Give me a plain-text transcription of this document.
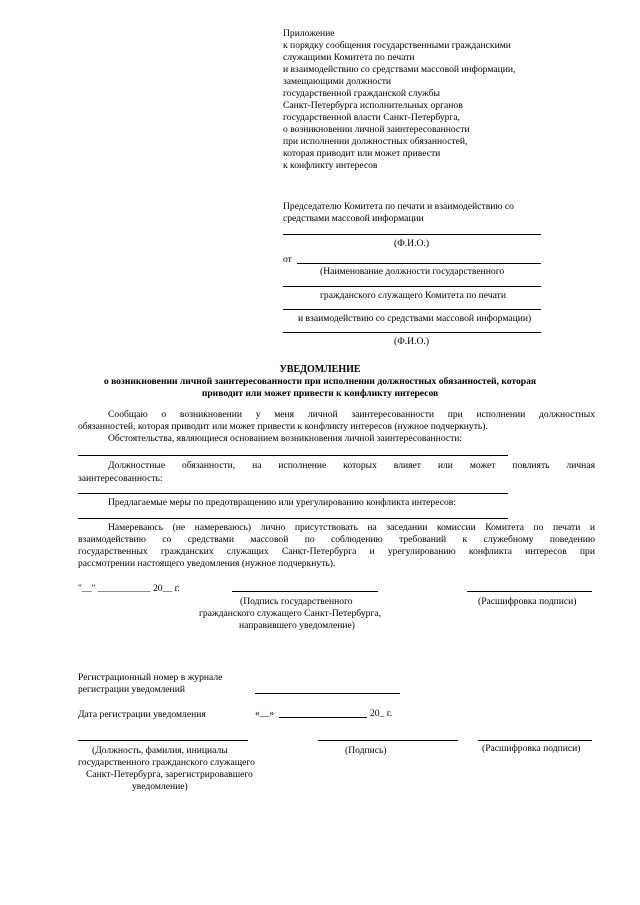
Приложение
к порядку сообщения государственными гражданскими
служащими Комитета по печати
и взаимодействию со средствами массовой информации,
замещающими должности
государственной гражданской службы
Санкт-Петербурга исполнительных органов
государственной власти Санкт-Петербурга,
о возникновении личной заинтересованности
при исполнении должностных обязанностей,
которая приводит или может привести
к конфликту интересов
Председателю Комитета по печати и взаимодействию со
средствами массовой информации
(Ф.И.О.)
от
(Наименование должности государственного
гражданского служащего Комитета по печати
и взаимодействию со средствами массовой информации)
(Ф.И.О.)
УВЕДОМЛЕНИЕ
о возникновении личной заинтересованности при исполнении должностных обязанностей, которая
приводит или может привести к конфликту интересов
Сообщаю о возникновении у меня личной заинтересованности при исполнении должностных
обязанностей, которая приводит или может привести к конфликту интересов (нужное подчеркнуть).
Обстоятельства, являющиеся основанием возникновения личной заинтересованности:
Должностные обязанности, на исполнение которых влияет или может повлиять личная
заинтересованность:
Предлагаемые меры по предотвращению или урегулированию конфликта интересов:
Намереваюсь (не намереваюсь) лично присутствовать на заседании комиссии Комитета по печати и
взаимодействию со средствами массовой по соблюдению требований к служебному поведению
государственных гражданских служащих Санкт-Петербурга и урегулированию конфликта интересов при
рассмотрении настоящего уведомления (нужное подчеркнуть).
"__" ___________ 20__ г.
(Подпись государственного
гражданского служащего Санкт-Петербурга,
направившего уведомление)
(Расшифровка подписи)
Регистрационный номер в журнале
регистрации уведомлений
Дата регистрации уведомления	«__»	20_ г.
(Должность, фамилия, инициалы
государственного гражданского служащего
Санкт-Петербурга, зарегистрировавшего
уведомление)
(Подпись)	(Расшифровка подписи)
